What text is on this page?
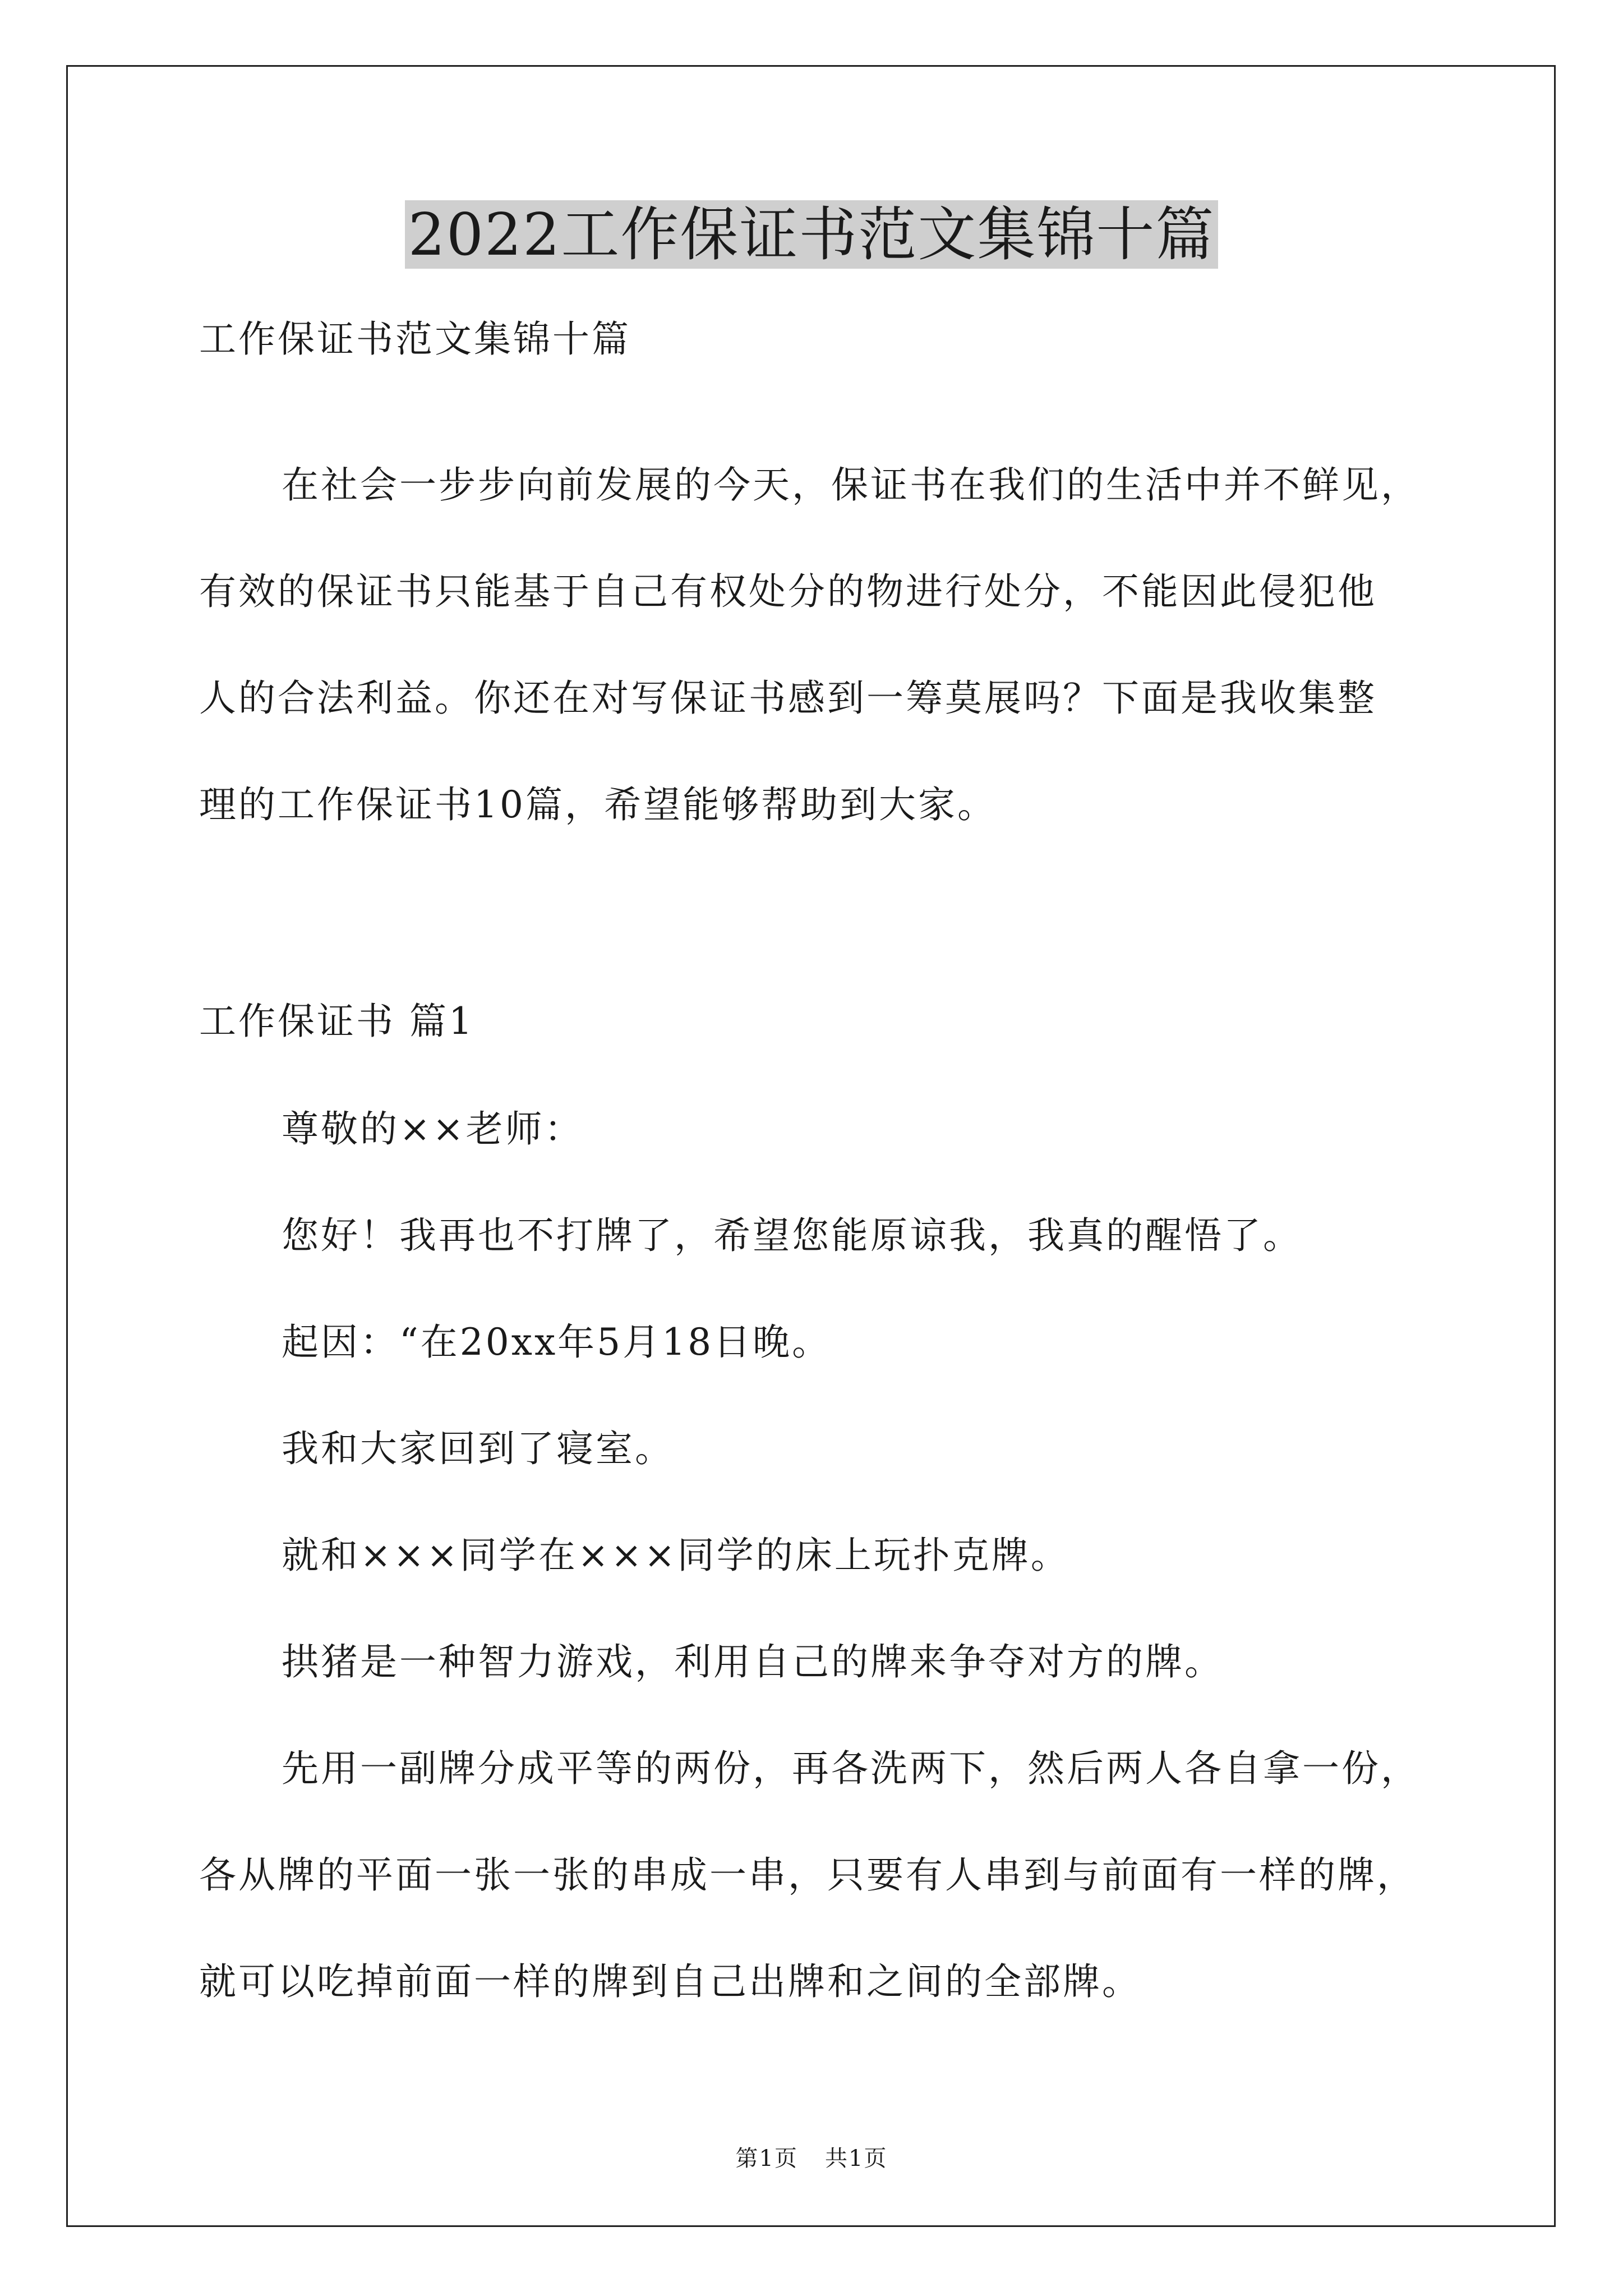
2022工作保证书范文集锦十篇
工作保证书范文集锦十篇
在社会一步步向前发展的今天，保证书在我们的生活中并不鲜见，
有效的保证书只能基于自己有权处分的物进行处分，不能因此侵犯他
人的合法利益。你还在对写保证书感到一筹莫展吗？下面是我收集整
理的工作保证书10篇，希望能够帮助到大家。
工作保证书 篇1
尊敬的××老师：
您好！我再也不打牌了，希望您能原谅我，我真的醒悟了。
起因：“在20xx年5月18日晚。
我和大家回到了寝室。
就和×××同学在×××同学的床上玩扑克牌。
拱猪是一种智力游戏，利用自己的牌来争夺对方的牌。
先用一副牌分成平等的两份，再各洗两下，然后两人各自拿一份，
各从牌的平面一张一张的串成一串，只要有人串到与前面有一样的牌，
就可以吃掉前面一样的牌到自己出牌和之间的全部牌。
第1页 共1页
